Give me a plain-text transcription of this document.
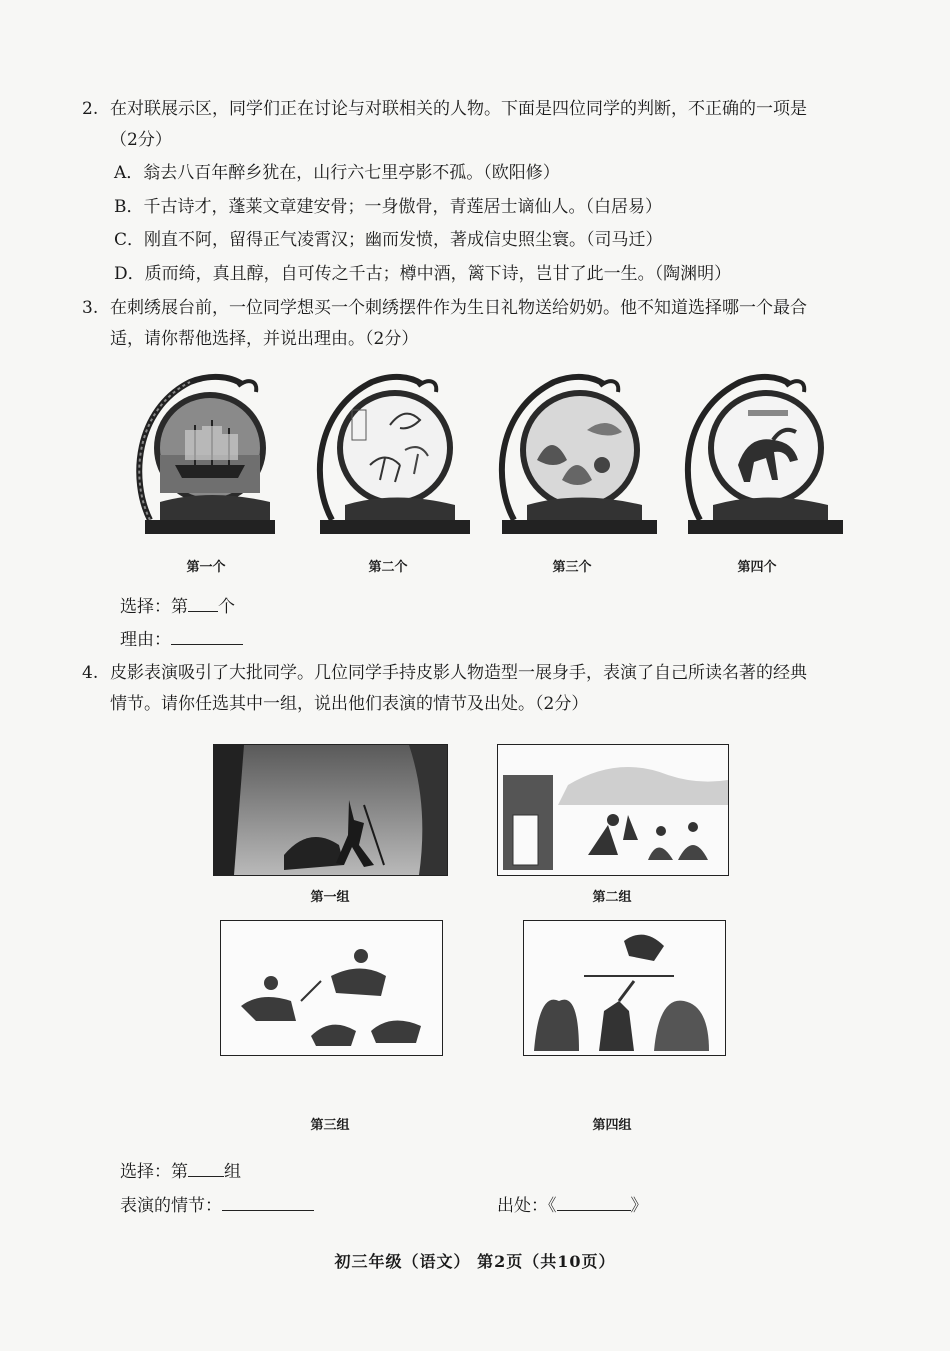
2. 在对联展示区，同学们正在讨论与对联相关的人物。下面是四位同学的判断，不正确的一项是
（2分）
A．翁去八百年醉乡犹在，山行六七里亭影不孤。（欧阳修）
B．千古诗才，蓬莱文章建安骨；一身傲骨，青莲居士谪仙人。（白居易）
C．刚直不阿，留得正气凌霄汉；幽而发愤，著成信史照尘寰。（司马迁）
D．质而绮，真且醇，自可传之千古；樽中酒，篱下诗，岂甘了此一生。（陶渊明）
3. 在刺绣展台前，一位同学想买一个刺绣摆件作为生日礼物送给奶奶。他不知道选择哪一个最合
适，请你帮他选择，并说出理由。（2分）
第一个	第二个	第三个	第四个
选择：第 个
理由：
4. 皮影表演吸引了大批同学。几位同学手持皮影人物造型一展身手，表演了自己所读名著的经典
情节。请你任选其中一组，说出他们表演的情节及出处。（2分）
第一组	第二组
第三组	第四组
选择：第 组
表演的情节：	出处：《	》
初三年级（语文） 第2页（共10页）
